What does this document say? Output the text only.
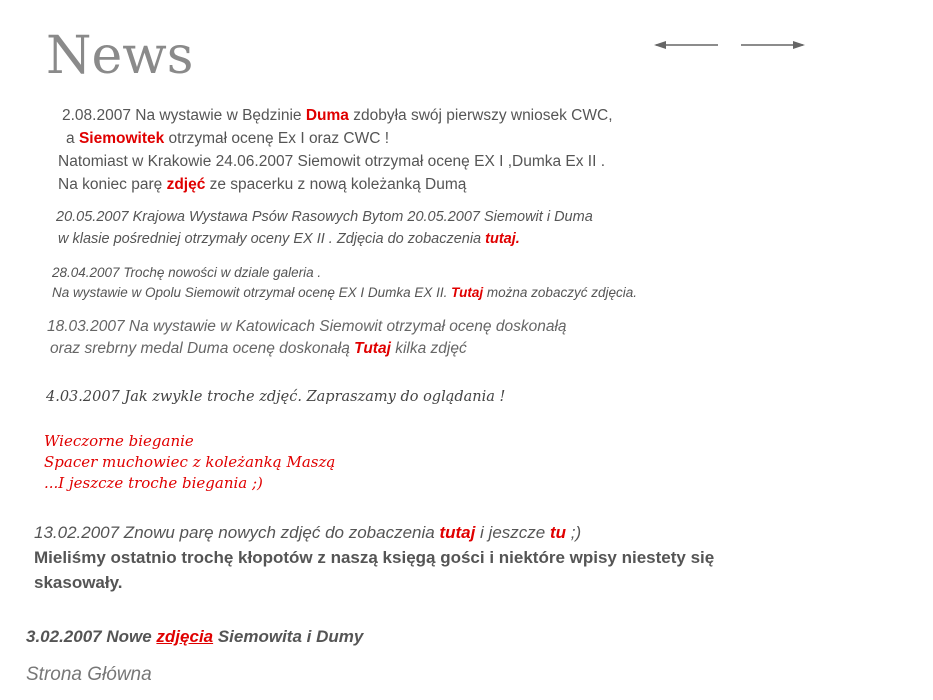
News
2.08.2007 Na wystawie w Będzinie Duma zdobyła swój pierwszy wniosek CWC,
a Siemowitek otrzymał ocenę Ex I oraz CWC !
Natomiast w Krakowie 24.06.2007 Siemowit otrzymał ocenę EX I ,Dumka Ex II .
Na koniec parę zdjęć ze spacerku z nową koleżanką Dumą
20.05.2007 Krajowa Wystawa Psów Rasowych Bytom 20.05.2007 Siemowit i Duma
w klasie pośredniej otrzymały oceny EX II . Zdjęcia do zobaczenia tutaj.
28.04.2007 Trochę nowości w dziale galeria .
Na wystawie w Opolu Siemowit otrzymał ocenę EX I Dumka EX II. Tutaj można zobaczyć zdjęcia.
18.03.2007 Na wystawie w Katowicach Siemowit otrzymał ocenę doskonałą
oraz srebrny medal Duma ocenę doskonałą Tutaj kilka zdjęć
4.03.2007 Jak zwykle troche zdjęć. Zapraszamy do oglądania !
Wieczorne bieganie
Spacer muchowiec z koleżanką Maszą
...I jeszcze troche biegania ;)
13.02.2007 Znowu parę nowych zdjęć do zobaczenia tutaj i jeszcze tu ;)
Mieliśmy ostatnio trochę kłopotów z naszą księgą gości i niektóre wpisy niestety się
skasowały.
3.02.2007 Nowe zdjęcia Siemowita i Dumy
Strona Główna
